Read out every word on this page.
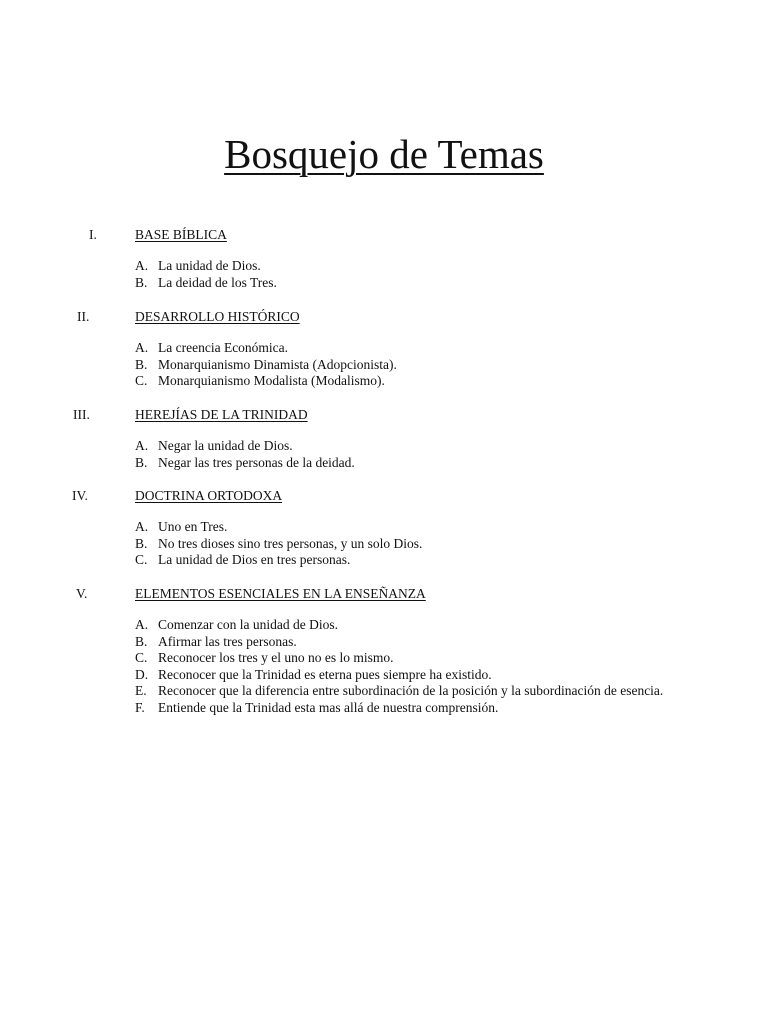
Bosquejo de Temas
I.	BASE BÍBLICA
A. La unidad de Dios.
B. La deidad de los Tres.
II.	DESARROLLO HISTÓRICO
A. La creencia Económica.
B. Monarquianismo Dinamista (Adopcionista).
C. Monarquianismo Modalista (Modalismo).
III.	HEREJÍAS DE LA TRINIDAD
A. Negar la unidad de Dios.
B. Negar las tres personas de la deidad.
IV.	DOCTRINA ORTODOXA
A. Uno en Tres.
B. No tres dioses sino tres personas, y un solo Dios.
C. La unidad de Dios en tres personas.
V.	ELEMENTOS ESENCIALES EN LA ENSEÑANZA
A. Comenzar con la unidad de Dios.
B. Afirmar las tres personas.
C. Reconocer los tres y el uno no es lo mismo.
D. Reconocer que la Trinidad es eterna pues siempre ha existido.
E. Reconocer que la diferencia entre subordinación de la posición y la subordinación de esencia.
F. Entiende que la Trinidad esta mas allá de nuestra comprensión.
